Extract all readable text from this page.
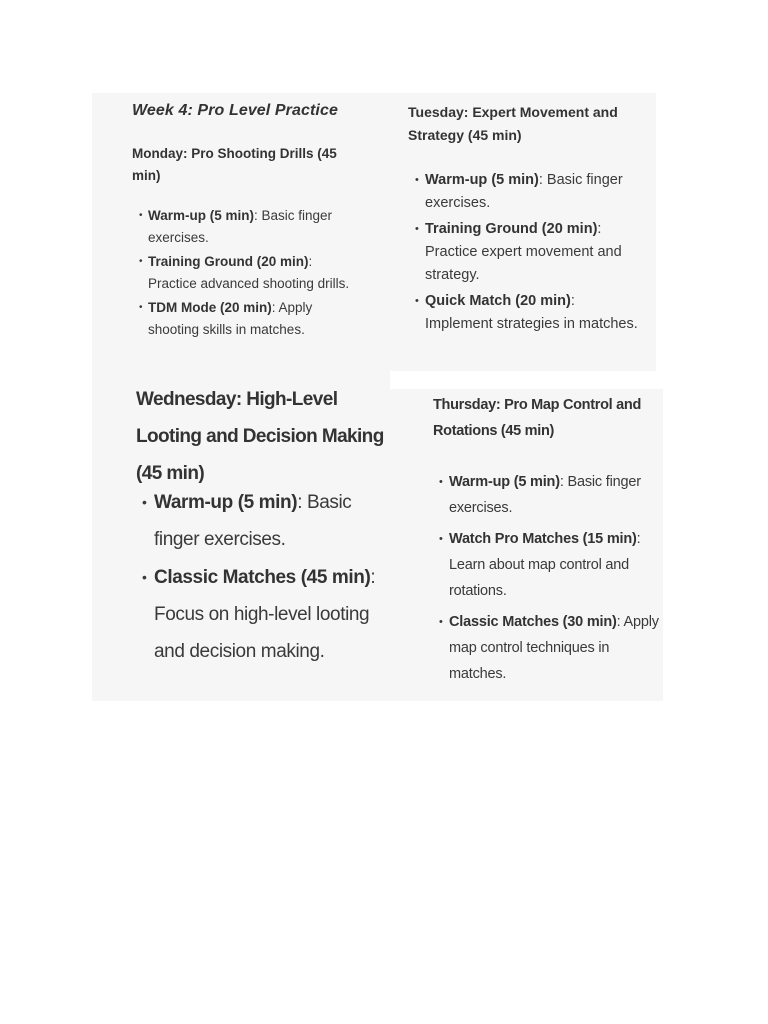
Week 4: Pro Level Practice
Monday: Pro Shooting Drills (45 min)
• Warm-up (5 min): Basic finger exercises.
• Training Ground (20 min): Practice advanced shooting drills.
• TDM Mode (20 min): Apply shooting skills in matches.
Tuesday: Expert Movement and Strategy (45 min)
• Warm-up (5 min): Basic finger exercises.
• Training Ground (20 min): Practice expert movement and strategy.
• Quick Match (20 min): Implement strategies in matches.
Wednesday: High-Level Looting and Decision Making (45 min)
• Warm-up (5 min): Basic finger exercises.
• Classic Matches (45 min): Focus on high-level looting and decision making.
Thursday: Pro Map Control and Rotations (45 min)
• Warm-up (5 min): Basic finger exercises.
• Watch Pro Matches (15 min): Learn about map control and rotations.
• Classic Matches (30 min): Apply map control techniques in matches.
